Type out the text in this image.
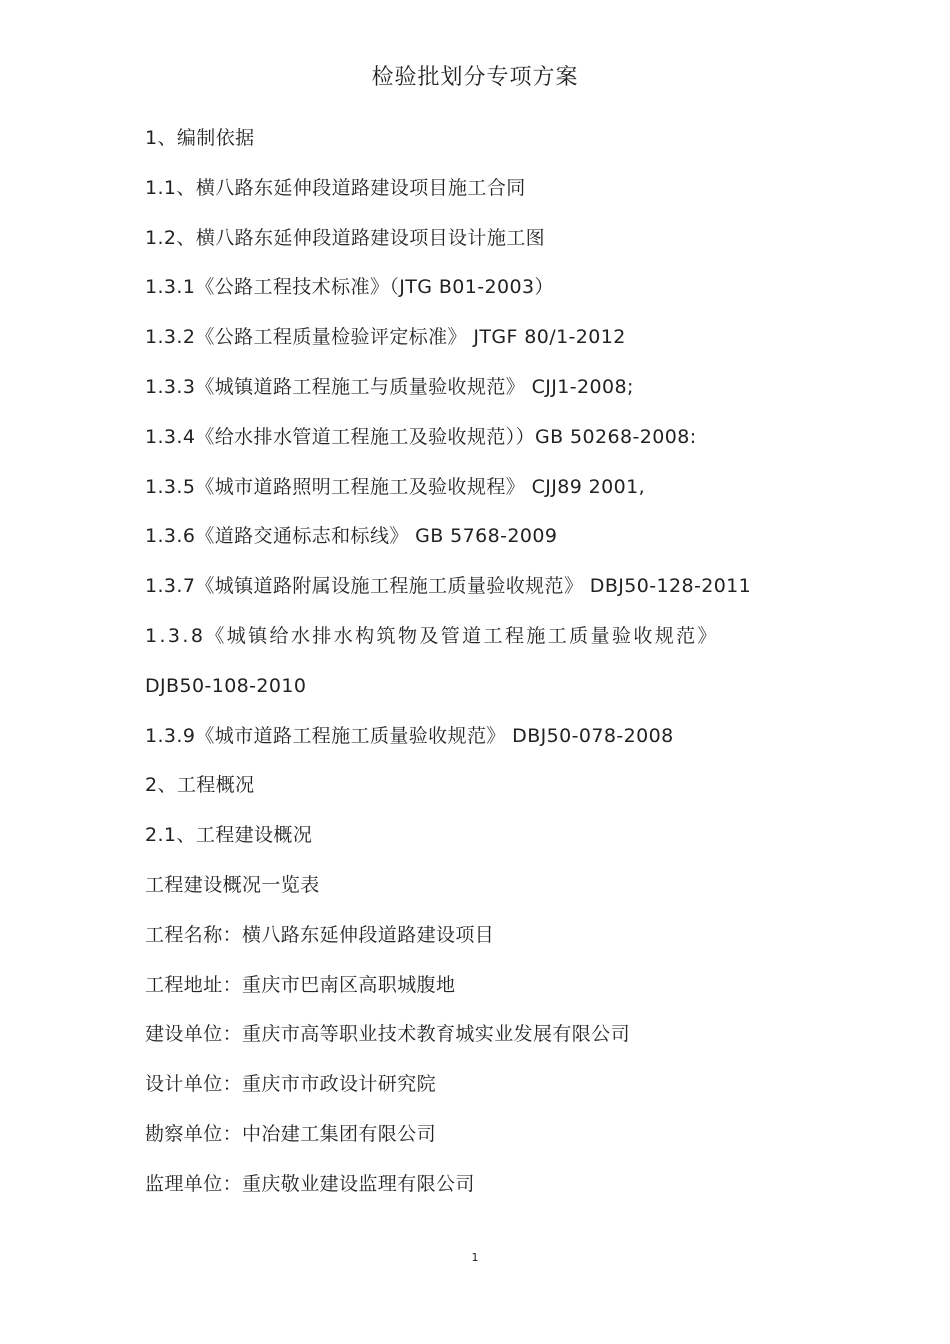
检验批划分专项方案
1、编制依据
1.1、横八路东延伸段道路建设项目施工合同
1.2、横八路东延伸段道路建设项目设计施工图
1.3.1《公路工程技术标准》（JTG B01-2003）
1.3.2《公路工程质量检验评定标准》 JTGF 80/1-2012
1.3.3《城镇道路工程施工与质量验收规范》 CJJ1-2008;
1.3.4《给水排水管道工程施工及验收规范））GB 50268-2008:
1.3.5《城市道路照明工程施工及验收规程》 CJJ89 2001,
1.3.6《道路交通标志和标线》 GB 5768-2009
1.3.7《城镇道路附属设施工程施工质量验收规范》 DBJ50-128-2011
1.3.8《城镇给水排水构筑物及管道工程施工质量验收规范》
DJB50-108-2010
1.3.9《城市道路工程施工质量验收规范》 DBJ50-078-2008
2、工程概况
2.1、工程建设概况
工程建设概况一览表
工程名称：横八路东延伸段道路建设项目
工程地址：重庆市巴南区高职城腹地
建设单位：重庆市高等职业技术教育城实业发展有限公司
设计单位：重庆市市政设计研究院
勘察单位：中冶建工集团有限公司
监理单位：重庆敬业建设监理有限公司
1
